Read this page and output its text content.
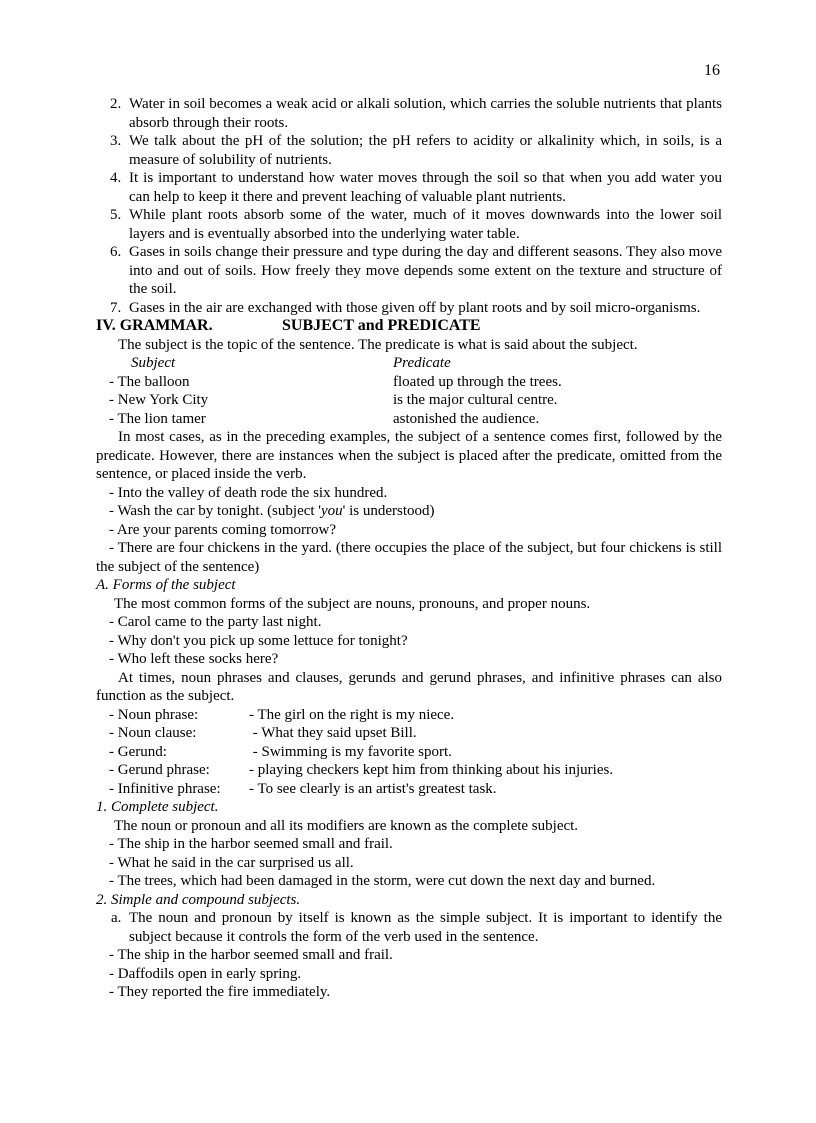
16
2. Water in soil becomes a weak acid or alkali solution, which carries the soluble nutrients that plants absorb through their roots.
3. We talk about the pH of the solution; the pH refers to acidity or alkalinity which, in soils, is a measure of solubility of nutrients.
4. It is important to understand how water moves through the soil so that when you add water you can help to keep it there and prevent leaching of valuable plant nutrients.
5. While plant roots absorb some of the water, much of it moves downwards into the lower soil layers and is eventually absorbed into the underlying water table.
6. Gases in soils change their pressure and type during the day and different seasons. They also move into and out of soils. How freely they move depends some extent on the texture and structure of the soil.
7. Gases in the air are exchanged with those given off by plant roots and by soil micro-organisms.
IV. GRAMMAR.	SUBJECT and PREDICATE
The subject is the topic of the sentence. The predicate is what is said about the subject.
Subject	Predicate
- The balloon	floated up through the trees.
- New York City	is the major cultural centre.
- The lion tamer	astonished the audience.
In most cases, as in the preceding examples, the subject of a sentence comes first, followed by the predicate. However, there are instances when the subject is placed after the predicate, omitted from the sentence, or placed inside the verb.
- Into the valley of death rode the six hundred.
- Wash the car by tonight. (subject 'you' is understood)
- Are your parents coming tomorrow?
- There are four chickens in the yard. (there occupies the place of the subject, but four chickens is still the subject of the sentence)
A. Forms of the subject
The most common forms of the subject are nouns, pronouns, and proper nouns.
- Carol came to the party last night.
- Why don't you pick up some lettuce for tonight?
- Who left these socks here?
At times, noun phrases and clauses, gerunds and gerund phrases, and infinitive phrases can also function as the subject.
- Noun phrase:	- The girl on the right is my niece.
- Noun clause:	- What they said upset Bill.
- Gerund:	- Swimming is my favorite sport.
- Gerund phrase:	- playing checkers kept him from thinking about his injuries.
- Infinitive phrase: - To see clearly is an artist's greatest task.
1. Complete subject.
The noun or pronoun and all its modifiers are known as the complete subject.
- The ship in the harbor seemed small and frail.
- What he said in the car surprised us all.
- The trees, which had been damaged in the storm, were cut down the next day and burned.
2. Simple and compound subjects.
a. The noun and pronoun by itself is known as the simple subject. It is important to identify the subject because it controls the form of the verb used in the sentence.
- The ship in the harbor seemed small and frail.
- Daffodils open in early spring.
- They reported the fire immediately.
